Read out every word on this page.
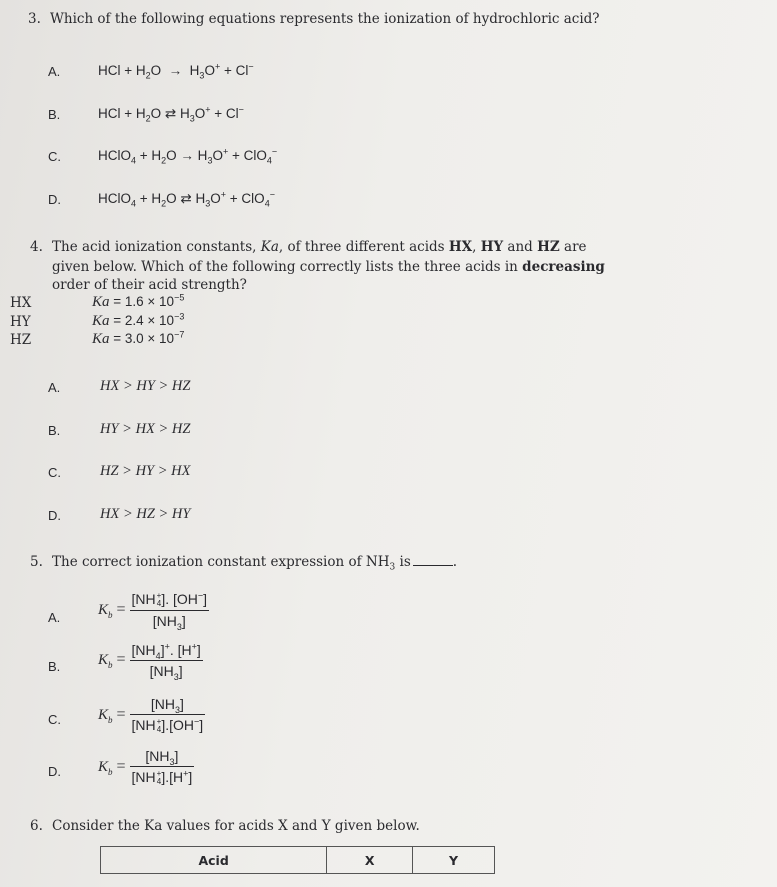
3. Which of the following equations represents the ionization of hydrochloric acid?
A.	HCl + $H_2O \to H_3O^+ + Cl^-$
B.	HCl + $H_2O$ ⇄ $H_3O^+ + Cl^-$
C.	HClO$_4$ + $H_2O \to H_3O^+ + ClO_4^-$
D.	HClO$_4$ + $H_2O$ ⇄ $H_3O^+ + ClO_4^-$
4. The acid ionization constants, Ka, of three different acids HX, HY and HZ are
given below. Which of the following correctly lists the three acids in decreasing
order of their acid strength?
HX	$Ka = 1.6 \times 10^{-5}$
HY	$Ka = 2.4 \times 10^{-3}$
HZ	$Ka = 3.0 \times 10^{-7}$
A.	HX > HY > HZ
B.	HY > HX > HZ
C.	HZ > HY > HX
D.	HX > HZ > HY
5. The correct ionization constant expression of $NH_3$ is	.
A.	$K_b = [NH$ +
4 ]. [OH−]
$[NH_3]$
B.	$K_b = \frac{[NH_4]^+. [H^+]}{[NH_3]}$
C. $K_b = [NH_3]$
[NH +
4 ].[OH−]
D. $K_b = [NH_3]$
[NH +
4 ].[H+]
6. Consider the Ka values for acids X and Y given below.
Acid	X	Y
